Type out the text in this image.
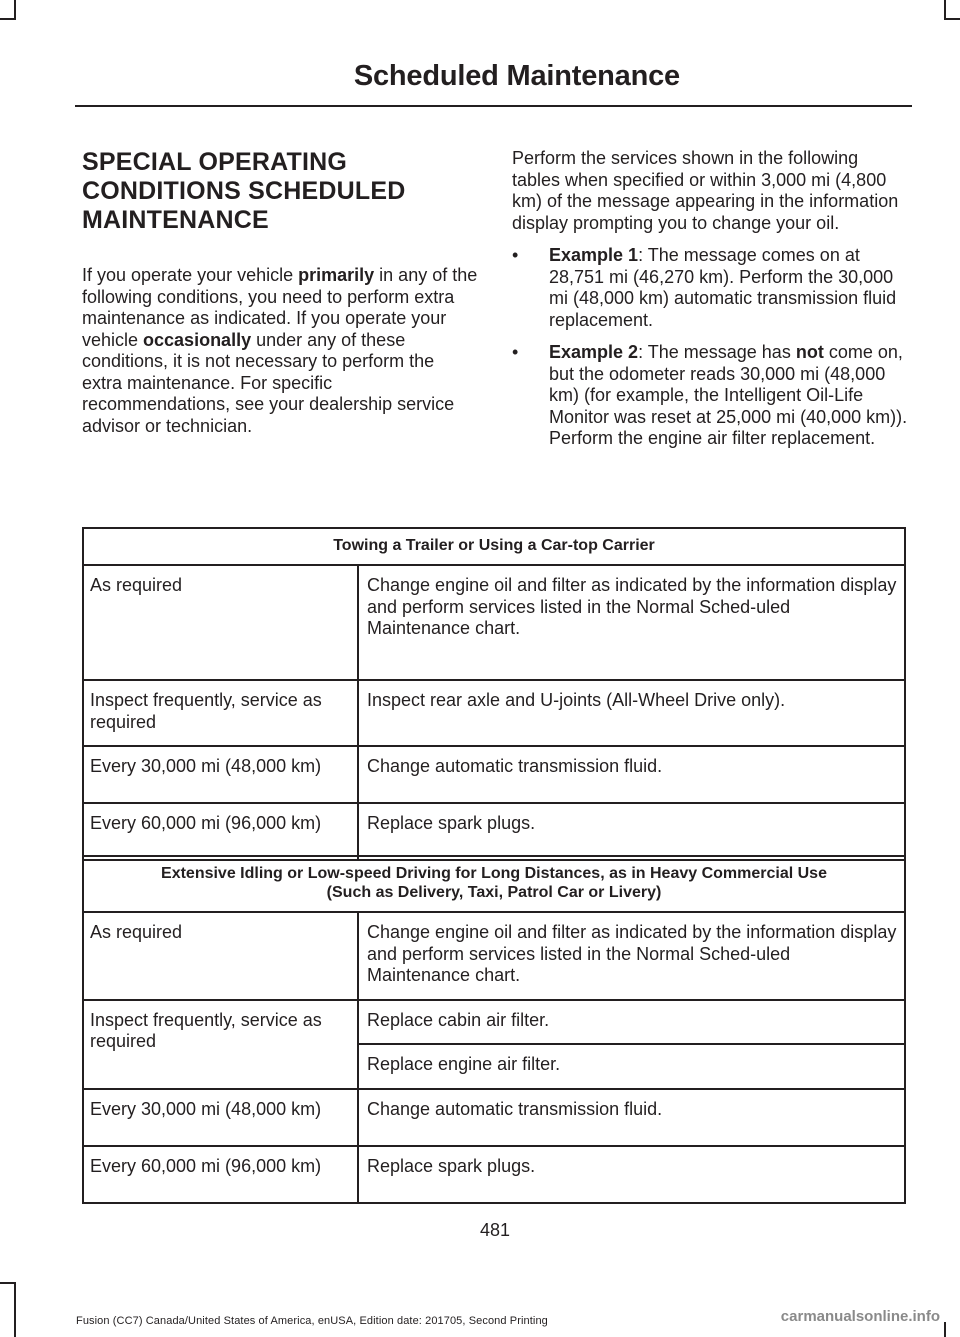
Scheduled Maintenance
SPECIAL OPERATING
CONDITIONS SCHEDULED
MAINTENANCE

If you operate your vehicle primarily in any of the following conditions, you need to perform extra maintenance as indicated. If you operate your vehicle occasionally under any of these conditions, it is not necessary to perform the extra maintenance. For specific recommendations, see your dealership service advisor or technician.

Perform the services shown in the following tables when specified or within 3,000 mi (4,800 km) of the message appearing in the information display prompting you to change your oil.

• Example 1: The message comes on at 28,751 mi (46,270 km). Perform the 30,000 mi (48,000 km) automatic transmission fluid replacement.
• Example 2: The message has not come on, but the odometer reads 30,000 mi (48,000 km) (for example, the Intelligent Oil-Life Monitor was reset at 25,000 mi (40,000 km)). Perform the engine air filter replacement.
Towing a Trailer or Using a Car-top Carrier	
As required	Change engine oil and filter as indicated by the information display and perform services listed in the Normal Sched-uled Maintenance chart.
Inspect frequently, service as required	Inspect rear axle and U-joints (All-Wheel Drive only).
Every 30,000 mi (48,000 km)	Change automatic transmission fluid.
Every 60,000 mi (96,000 km)	Replace spark plugs.
Extensive Idling or Low-speed Driving for Long Distances, as in Heavy Commercial Use
(Such as Delivery, Taxi, Patrol Car or Livery)	
As required	Change engine oil and filter as indicated by the information display and perform services listed in the Normal Sched-uled Maintenance chart.
Inspect frequently, service as required	Replace cabin air filter.
	Replace engine air filter.
Every 30,000 mi (48,000 km)	Change automatic transmission fluid.
Every 60,000 mi (96,000 km)	Replace spark plugs.
481
Fusion (CC7) Canada/United States of America, enUSA, Edition date: 201705, Second Printing	carmanualsonline.info
